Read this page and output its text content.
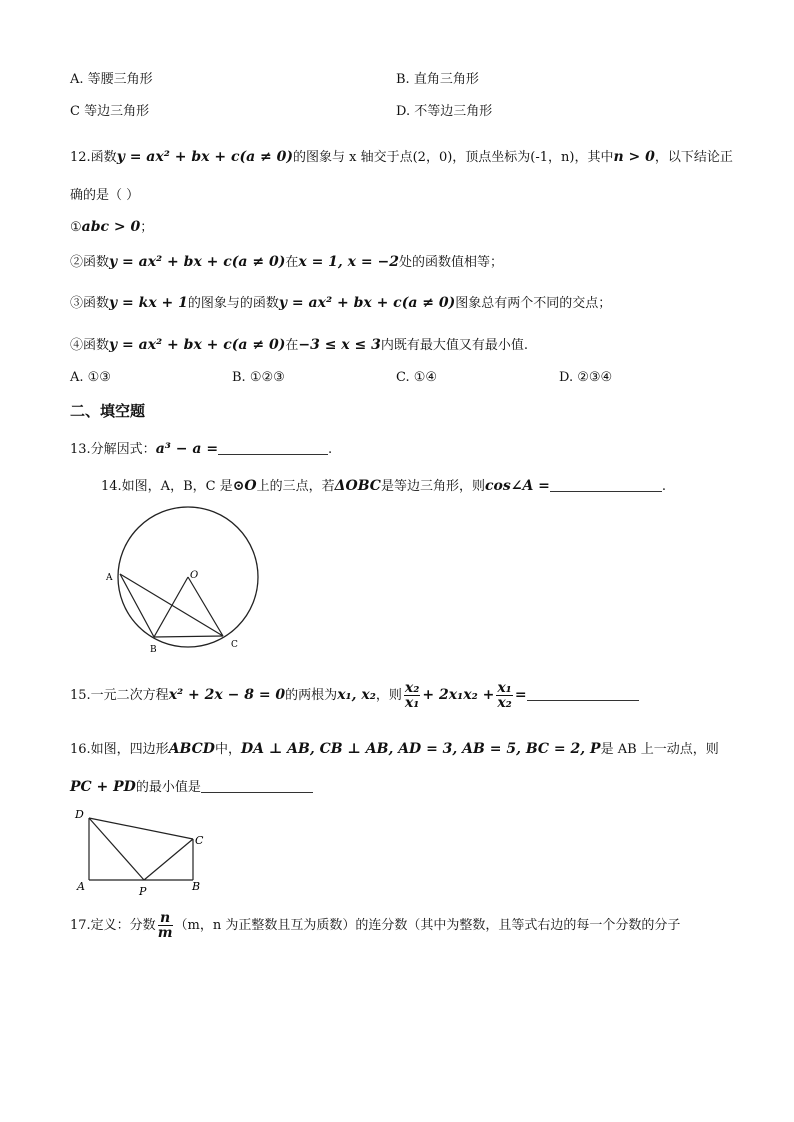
A. 等腰三角形	B. 直角三角形
C 等边三角形	D. 不等边三角形
12.函数y = ax² + bx + c(a ≠ 0)的图象与 x 轴交于点(2，0)，顶点坐标为(-1，n)，其中n > 0，以下结论正
确的是（ ）
①abc > 0；
②函数y = ax² + bx + c(a ≠ 0)在x = 1, x = −2处的函数值相等；
③函数y = kx + 1的图象与的函数y = ax² + bx + c(a ≠ 0)图象总有两个不同的交点；
④函数y = ax² + bx + c(a ≠ 0)在−3 ≤ x ≤ 3内既有最大值又有最小值.
A. ①③	B. ①②③	C. ①④	D. ②③④
二、填空题
13.分解因式：a³ − a =	.
14.如图，A，B，C 是⊙O上的三点，若ΔOBC是等边三角形，则cos∠A =	.
A	O
B	C
15.一元二次方程x² + 2x − 8 = 0的两根为x₁, x₂，则 $\frac{\text{x₂}}{\text{x₁}} + 2x_1x_2 + \frac{\text{x₁}}{\text{x₂}}$ =
16.如图，四边形ABCD中，DA ⊥ AB, CB ⊥ AB, AD = 3, AB = 5, BC = 2, P是 AB 上一动点，则
PC + PD的最小值是
D
C
A	P	B
17.定义：分数 $\frac{n}{m} (m$，n 为正整数且互为质数）的连分数（其中为整数，且等式右边的每一个分数的分子
